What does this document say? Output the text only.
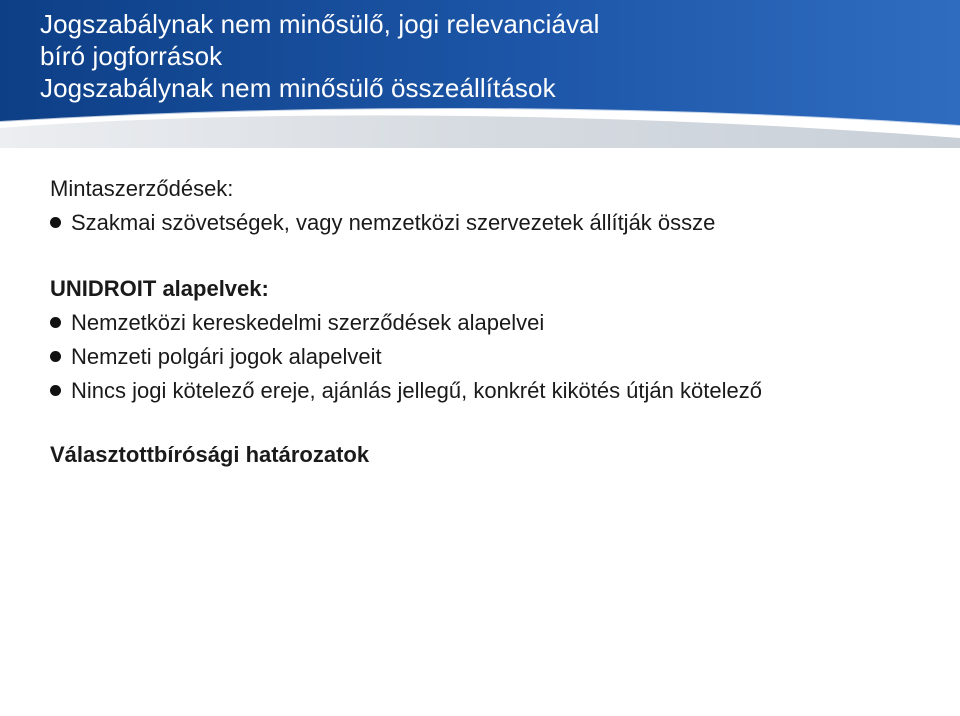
Jogszabálynak nem minősülő, jogi relevanciával
bíró jogforrások
Jogszabálynak nem minősülő összeállítások

Mintaszerződések:

Szakmai szövetségek, vagy nemzetközi szervezetek állítják össze

UNIDROIT alapelvek:

Nemzetközi kereskedelmi szerződések alapelvei
Nemzeti polgári jogok alapelveit
Nincs jogi kötelező ereje, ajánlás jellegű, konkrét kikötés útján kötelező

Választottbírósági határozatok
